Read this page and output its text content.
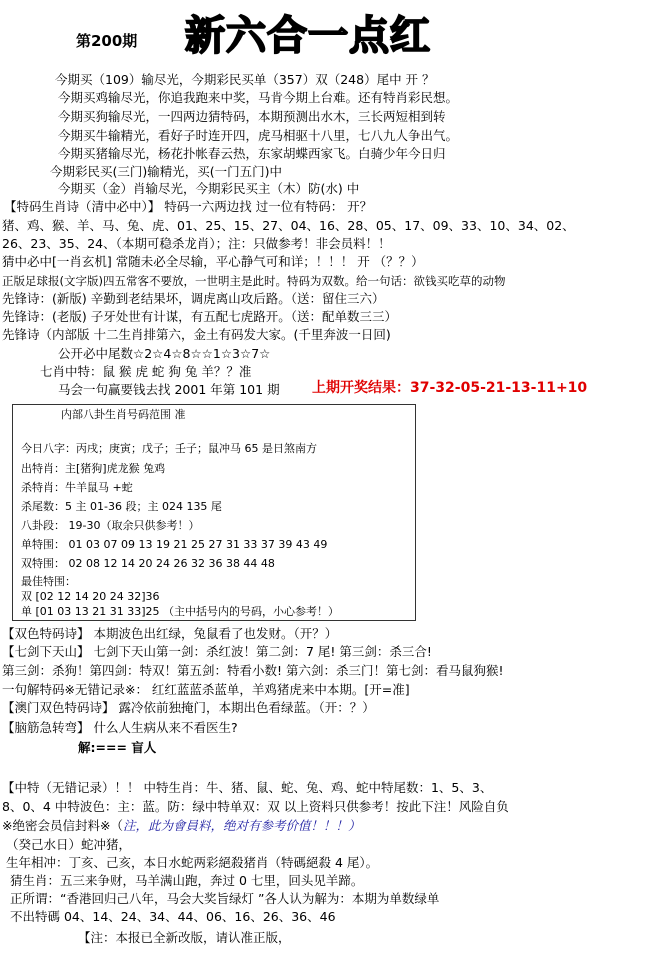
第200期 新六合一点红
今期买（109）输尽光，今期彩民买单（357）双（248）尾中 开 ？
今期买鸡输尽光，你追我跑来中奖，马肯今期上台难。还有特肖彩民想。
今期买狗输尽光，一四两边猜特码，本期预测出水木，三长两短相到转
今期买牛输精光，看好子时连开四，虎马相驱十八里，七八九人争出气。
今期买猪输尽光，杨花扑帐春云热，东家胡蝶西家飞。白骑少年今日归
今期彩民买(三门)输精光，买(一门五门)中
今期买（金）肖输尽光，今期彩民买主（木）防(水) 中
【特码生肖诗（清中必中）】 特码一六两边找 过一位有特码： 开？
猪、鸡、猴、羊、马、兔、虎、01、25、15、27、04、16、28、05、17、09、33、10、34、02、
26、23、35、24、（本期可稳杀龙肖）；注：只做参考！非会员料！！
猜中必中[一肖玄机] 常随未必全尽输，平心静气可和详；！！！ 开 （？？）
正版足球报(文字版)四五常客不要放，一世明主是此时。特码为双数。给一句话：欲钱买吃草的动物
先锋诗：(新版) 辛勤到老结果坏，调虎离山攻后路。（送：留住三六）
先锋诗：(老版) 子牙处世有计谋，有五配七虎路开。（送：配单数三三）
先锋诗（内部版 十二生肖排第六，金土有码发大家。(千里奔波一日回)
公开必中尾数☆2☆4☆8☆☆1☆3☆7☆
七肖中特：鼠 猴 虎 蛇 狗 兔 羊？？准
马会一句赢要钱去找 2001 年第 101 期 上期开奖结果：37-32-05-21-13-11+10
内部八卦生肖号码范围 准
今日八字：丙戌；庚寅；戊子；壬子；鼠冲马 65 是日煞南方
出特肖：主[猪狗]虎龙猴 兔鸡
杀特肖：牛羊鼠马 +蛇
杀尾数：5 主 01-36 段；主 024 135 尾
八卦段： 19-30（取余只供参考！）
单特围： 01 03 07 09 13 19 21 25 27 31 33 37 39 43 49
双特围： 02 08 12 14 20 24 26 32 36 38 44 48
最佳特围：
双 [02 12 14 20 24 32]36
单 [01 03 13 21 31 33]25 （主中括号内的号码，小心参考！）
【双色特码诗】 本期波色出红绿，兔鼠看了也发财。（开？）
【七剑下天山】 七剑下天山第一剑：杀红波！第二剑：7 尾! 第三剑：杀三合!
第三剑：杀狗！第四剑：特双！第五剑：特看小数! 第六剑：杀三门！第七剑：看马鼠狗猴!
一句解特码※无错记录※： 红红蓝蓝杀蓝单，羊鸡猪虎来中本期。[开=准]
【澳门双色特码诗】 露冷依前独掩门，本期出色看绿蓝。（开：？）
【脑筋急转弯】 什么人生病从来不看医生?
解:=== 盲人
【中特（无错记录）！！ 中特生肖：牛、猪、鼠、蛇、兔、鸡、蛇中特尾数：1、5、3、
8、0、4 中特波色：主：蓝。防：绿中特单双：双 以上资料只供参考！按此下注！风险自负
※绝密会员信封料※（注，此为會員料，绝对有参考价值！！！）
（癸己水日）蛇冲猪，
生年相冲：丁亥、己亥，本日水蛇两彩絕殺猪肖（特碼絕殺 4 尾）。
猜生肖：五三来争财，马羊满山跑，奔过 0 七里，回头见羊蹄。
正所谓：“香港回归己八年，马会大奖旨绿灯 ”各人认为解为：本期为单数绿单
不出特碼 04、14、24、34、44、06、16、26、36、46
【注：本报已全新改版，请认准正版，
